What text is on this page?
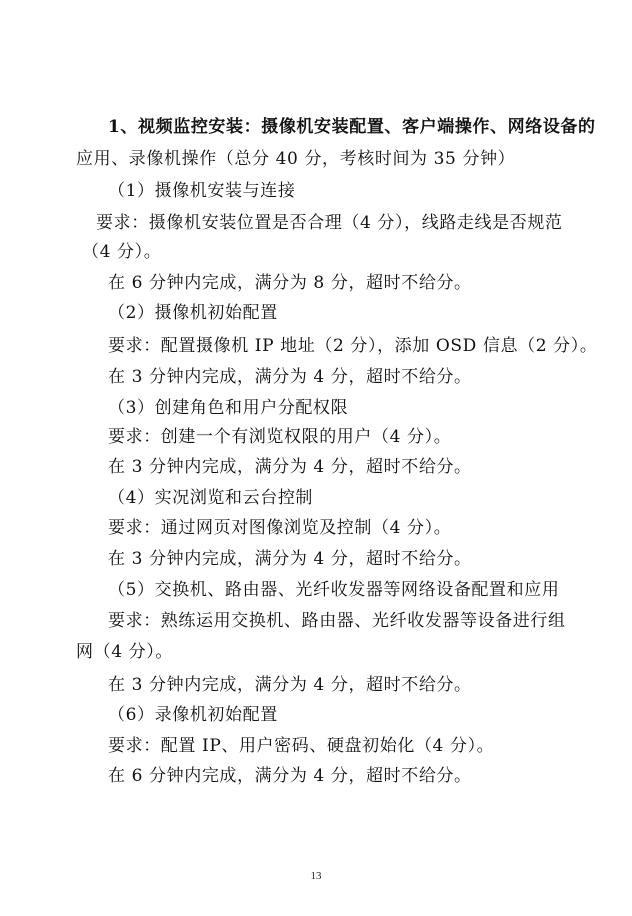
1、视频监控安装：摄像机安装配置、客户端操作、网络设备的
应用、录像机操作（总分 40 分，考核时间为 35 分钟）
（1）摄像机安装与连接
要求：摄像机安装位置是否合理（4 分），线路走线是否规范
（4 分）。
在 6 分钟内完成，满分为 8 分，超时不给分。
（2）摄像机初始配置
要求：配置摄像机 IP 地址（2 分），添加 OSD 信息（2 分）。
在 3 分钟内完成，满分为 4 分，超时不给分。
（3）创建角色和用户分配权限
要求：创建一个有浏览权限的用户（4 分）。
在 3 分钟内完成，满分为 4 分，超时不给分。
（4）实况浏览和云台控制
要求：通过网页对图像浏览及控制（4 分）。
在 3 分钟内完成，满分为 4 分，超时不给分。
（5）交换机、路由器、光纤收发器等网络设备配置和应用
要求：熟练运用交换机、路由器、光纤收发器等设备进行组
网（4 分）。
在 3 分钟内完成，满分为 4 分，超时不给分。
（6）录像机初始配置
要求：配置 IP、用户密码、硬盘初始化（4 分）。
在 6 分钟内完成，满分为 4 分，超时不给分。
13
